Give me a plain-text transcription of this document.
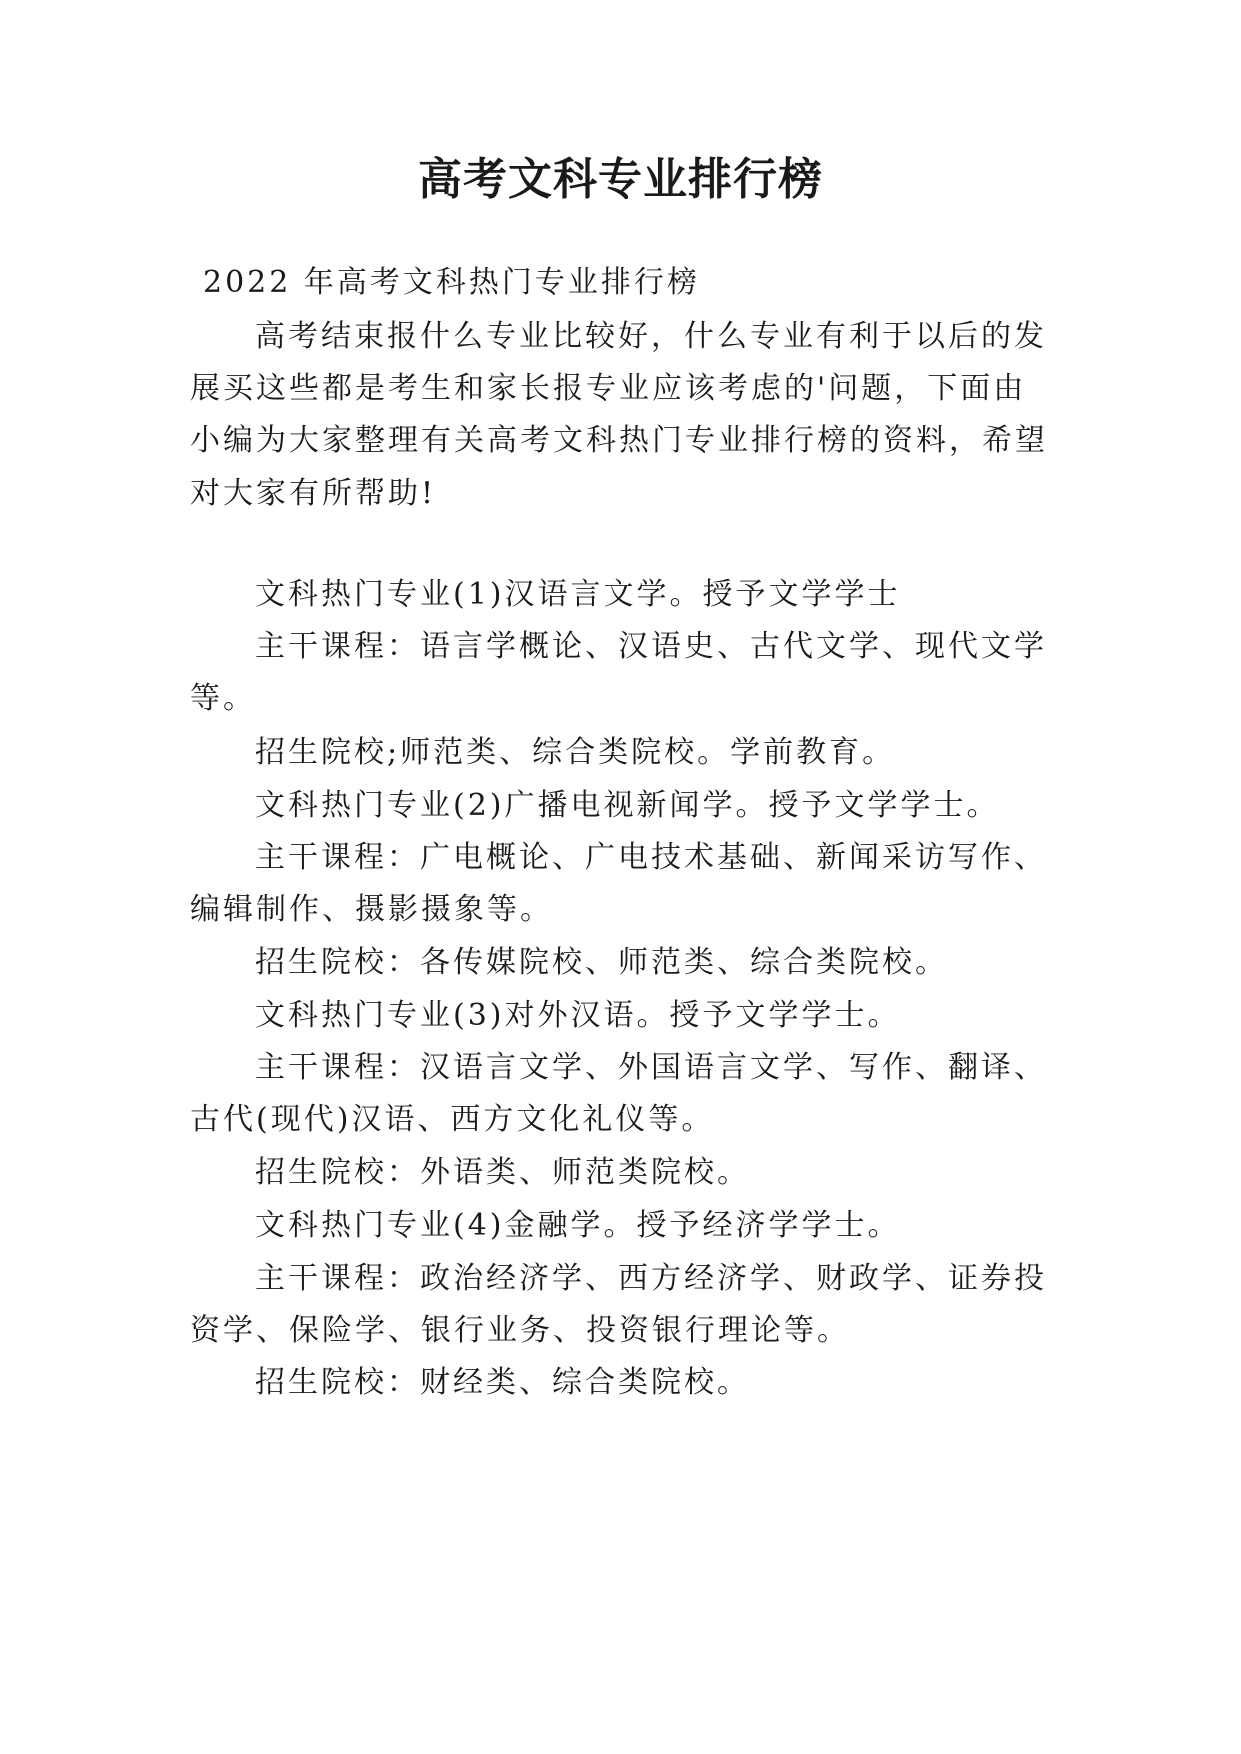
高考文科专业排行榜
2022 年高考文科热门专业排行榜
高考结束报什么专业比较好，什么专业有利于以后的发
展买这些都是考生和家长报专业应该考虑的'问题，下面由
小编为大家整理有关高考文科热门专业排行榜的资料，希望
对大家有所帮助!
文科热门专业(1)汉语言文学。授予文学学士
主干课程：语言学概论、汉语史、古代文学、现代文学
等。
招生院校;师范类、综合类院校。学前教育。
文科热门专业(2)广播电视新闻学。授予文学学士。
主干课程：广电概论、广电技术基础、新闻采访写作、
编辑制作、摄影摄象等。
招生院校：各传媒院校、师范类、综合类院校。
文科热门专业(3)对外汉语。授予文学学士。
主干课程：汉语言文学、外国语言文学、写作、翻译、
古代(现代)汉语、西方文化礼仪等。
招生院校：外语类、师范类院校。
文科热门专业(4)金融学。授予经济学学士。
主干课程：政治经济学、西方经济学、财政学、证券投
资学、保险学、银行业务、投资银行理论等。
招生院校：财经类、综合类院校。
